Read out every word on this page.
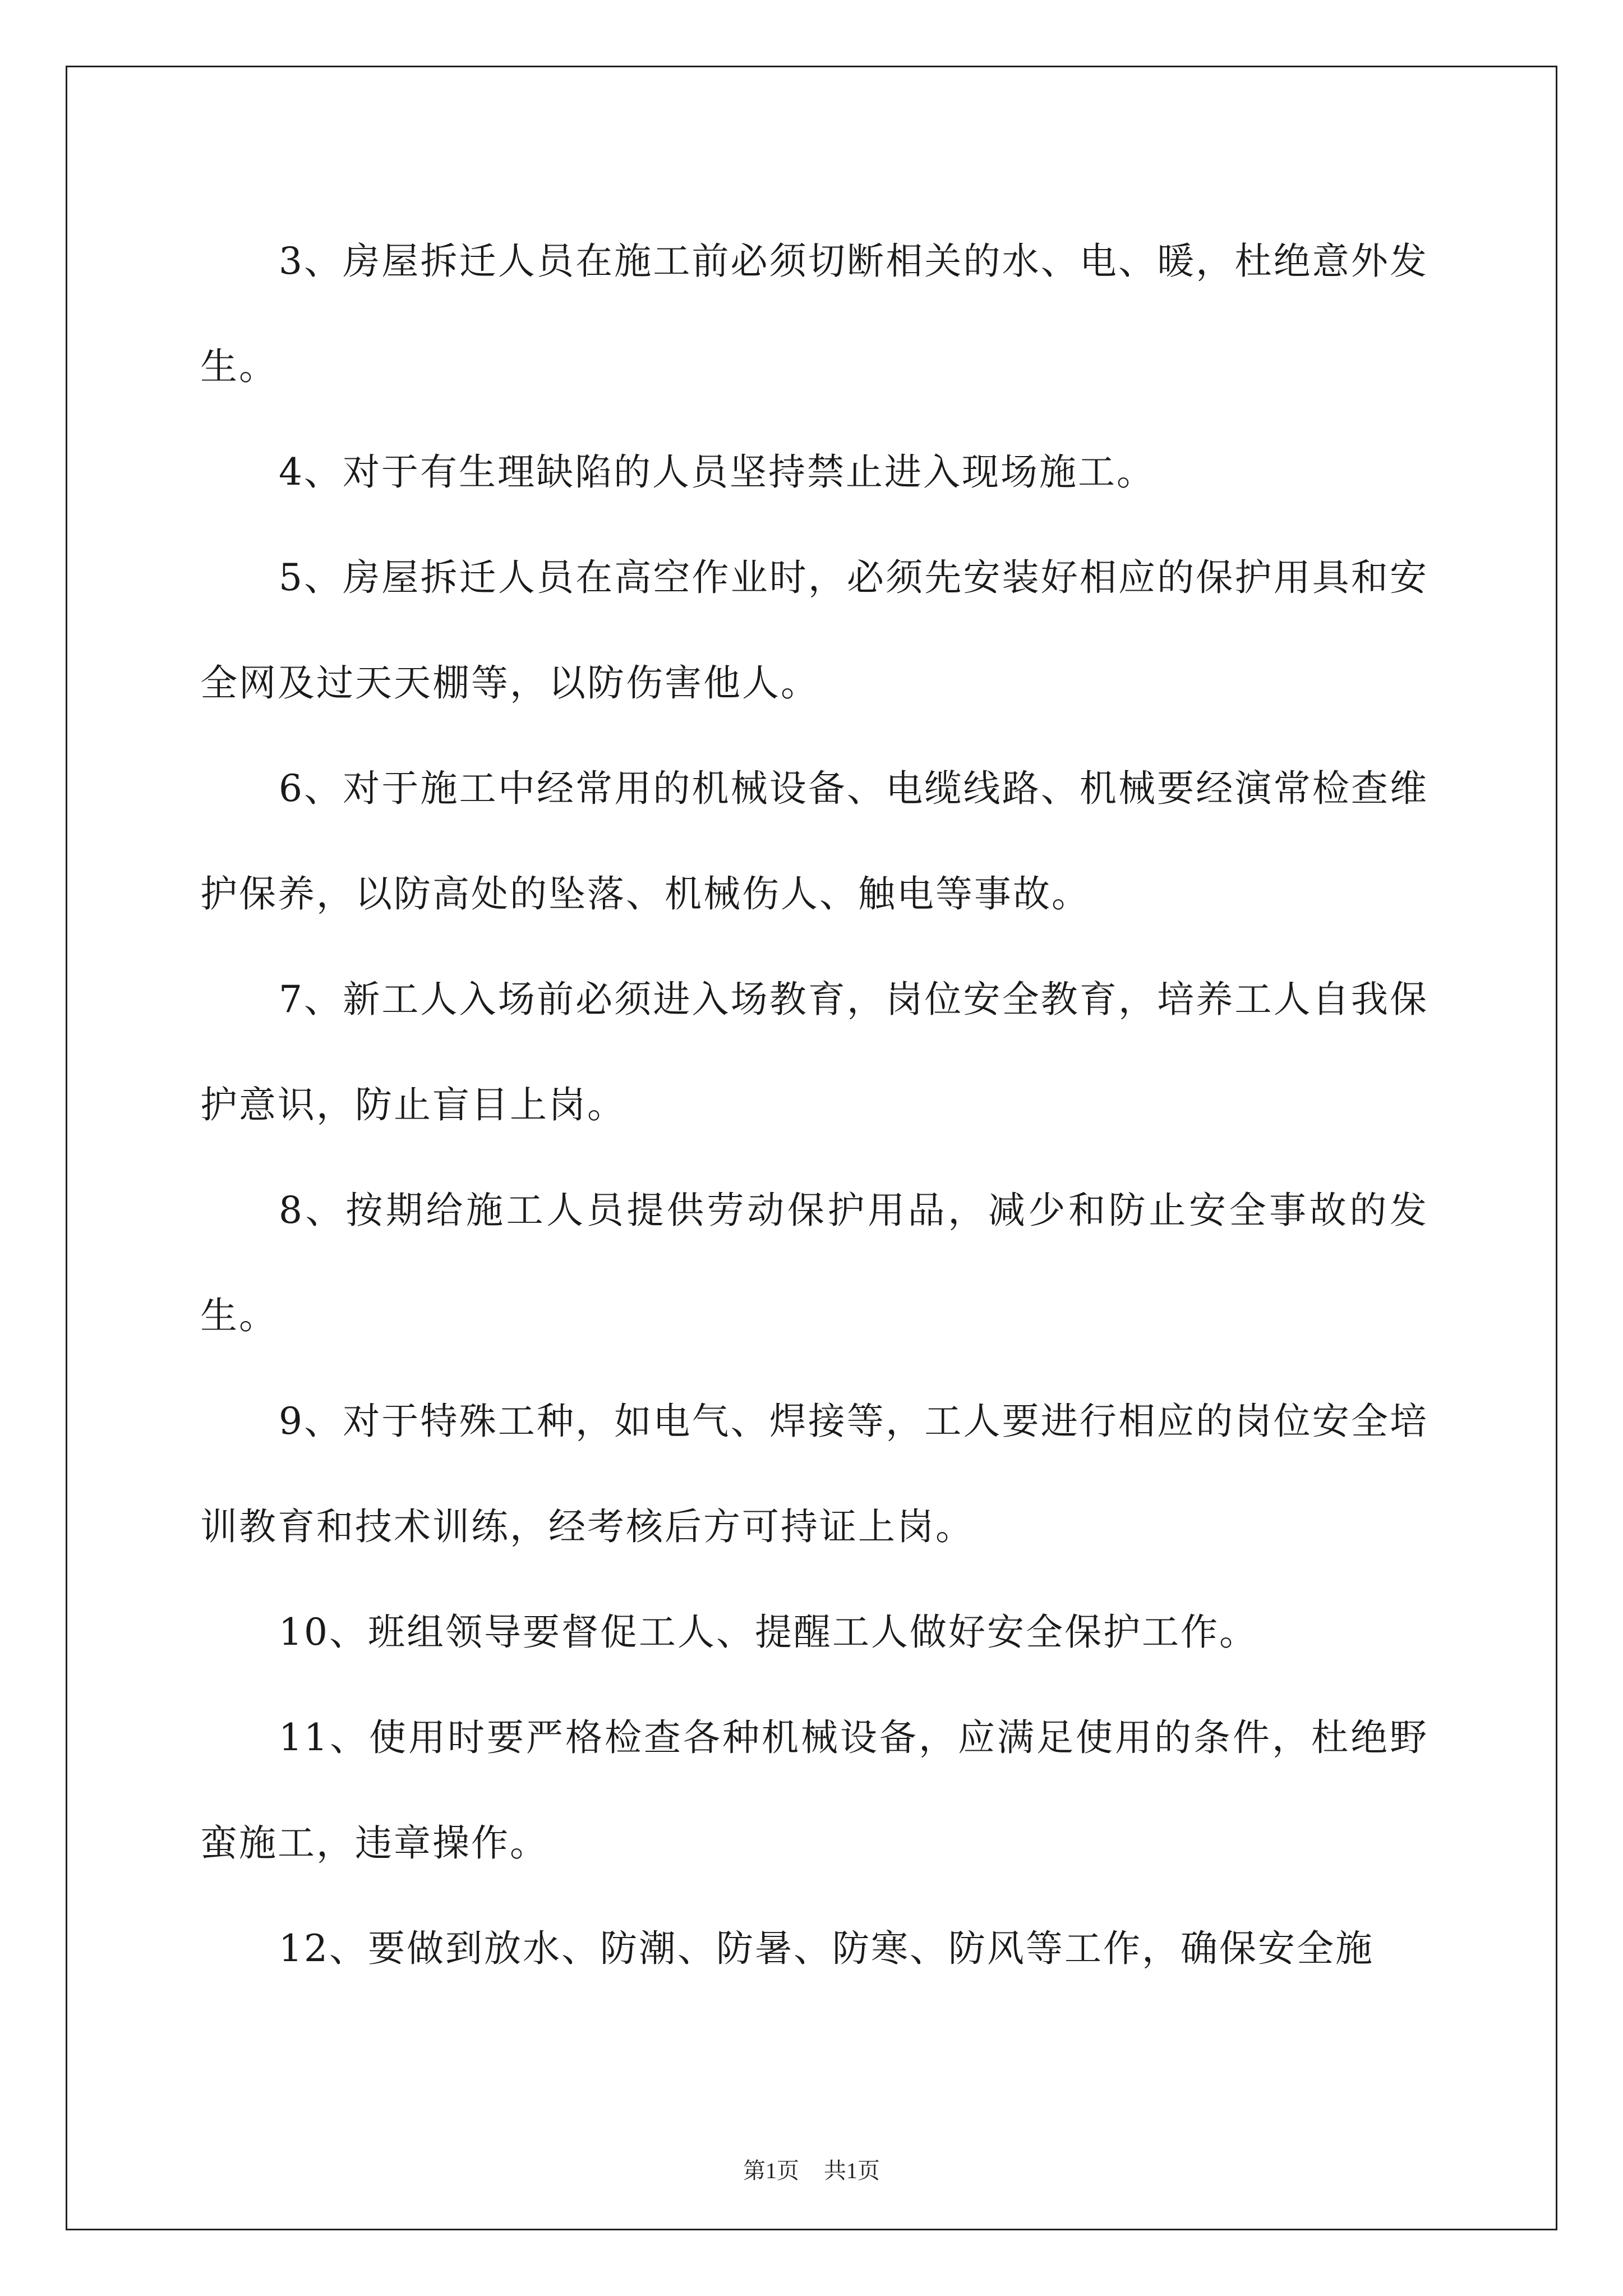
3、房屋拆迁人员在施工前必须切断相关的水、电、暖，杜绝意外发生。

4、对于有生理缺陷的人员坚持禁止进入现场施工。

5、房屋拆迁人员在高空作业时，必须先安装好相应的保护用具和安全网及过天天棚等，以防伤害他人。

6、对于施工中经常用的机械设备、电缆线路、机械要经演常检查维护保养，以防高处的坠落、机械伤人、触电等事故。

7、新工人入场前必须进入场教育，岗位安全教育，培养工人自我保护意识，防止盲目上岗。

8、按期给施工人员提供劳动保护用品，减少和防止安全事故的发生。

9、对于特殊工种，如电气、焊接等，工人要进行相应的岗位安全培训教育和技术训练，经考核后方可持证上岗。

10、班组领导要督促工人、提醒工人做好安全保护工作。

11、使用时要严格检查各种机械设备，应满足使用的条件，杜绝野蛮施工，违章操作。

12、要做到放水、防潮、防暑、防寒、防风等工作，确保安全施

第1页 共1页
